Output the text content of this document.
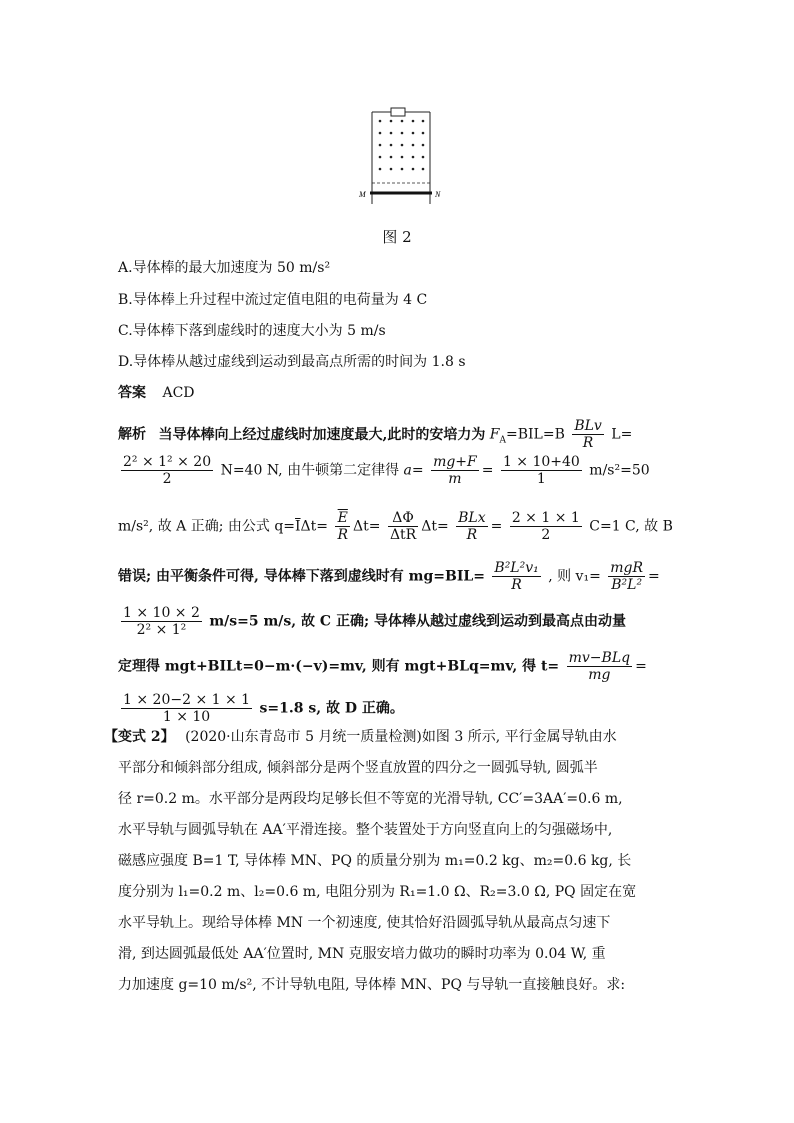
M	N
图 2
A.导体棒的最大加速度为 50 m/s²
B.导体棒上升过程中流过定值电阻的电荷量为 4 C
C.导体棒下落到虚线时的速度大小为 5 m/s
D.导体棒从越过虚线到运动到最高点所需的时间为 1.8 s
答案 ACD
解析 当导体棒向上经过虚线时加速度最大,此时的安培力为 $F_A=BIL=B \frac{\text{BLv}}{R} L=$
$\frac{\text{2² × 1² × 20}}{2} N=40$ N, 由牛顿第二定律得 $a= \frac{mg+F}{m} = \frac{1 \times 10+40}{1} m/s^2=50$
m/s², 故 A 正确; 由公式 $q=\overline{I}\Delta t= \frac{\overline{E}}{R} \Delta t= \frac{\Delta\Phi}{\text{ΔtR}} \Delta t= \frac{\text{BLx}}{R} = \frac{2 \times 1 \times 1}{2} C=1$ C, 故 B
错误; 由平衡条件可得, 导体棒下落到虚线时有 $mg=BIL= \frac{\text{B²L²v₁}}{R}$ , 则 $v_1= \frac{\text{mgR}}{\text{B²L²}}$ =
$\frac{1 \times 10 \times 2}{\text{2² × 1²}} m/s=5$ m/s, 故 C 正确; 导体棒从越过虚线到运动到最高点由动量
定理得 mgt+BILt=0−m·(−v)=mv, 则有 mgt+BLq=mv, 得 $t= \frac{\text{mv−BLq}}{mg}$ =
$\frac{1 \times 20-2 \times 1 \times 1}{1 \times 10} s=1.8$ s, 故 D 正确。
【变式 2】 (2020·山东青岛市 5 月统一质量检测)如图 3 所示, 平行金属导轨由水
平部分和倾斜部分组成, 倾斜部分是两个竖直放置的四分之一圆弧导轨, 圆弧半
径 r=0.2 m。水平部分是两段均足够长但不等宽的光滑导轨, CC′=3AA′=0.6 m,
水平导轨与圆弧导轨在 AA′平滑连接。整个装置处于方向竖直向上的匀强磁场中,
磁感应强度 B=1 T, 导体棒 MN、PQ 的质量分别为 m₁=0.2 kg、m₂=0.6 kg, 长
度分别为 l₁=0.2 m、l₂=0.6 m, 电阻分别为 R₁=1.0 Ω、R₂=3.0 Ω, PQ 固定在宽
水平导轨上。现给导体棒 MN 一个初速度, 使其恰好沿圆弧导轨从最高点匀速下
滑, 到达圆弧最低处 AA′位置时, MN 克服安培力做功的瞬时功率为 0.04 W, 重
力加速度 g=10 m/s², 不计导轨电阻, 导体棒 MN、PQ 与导轨一直接触良好。求:
